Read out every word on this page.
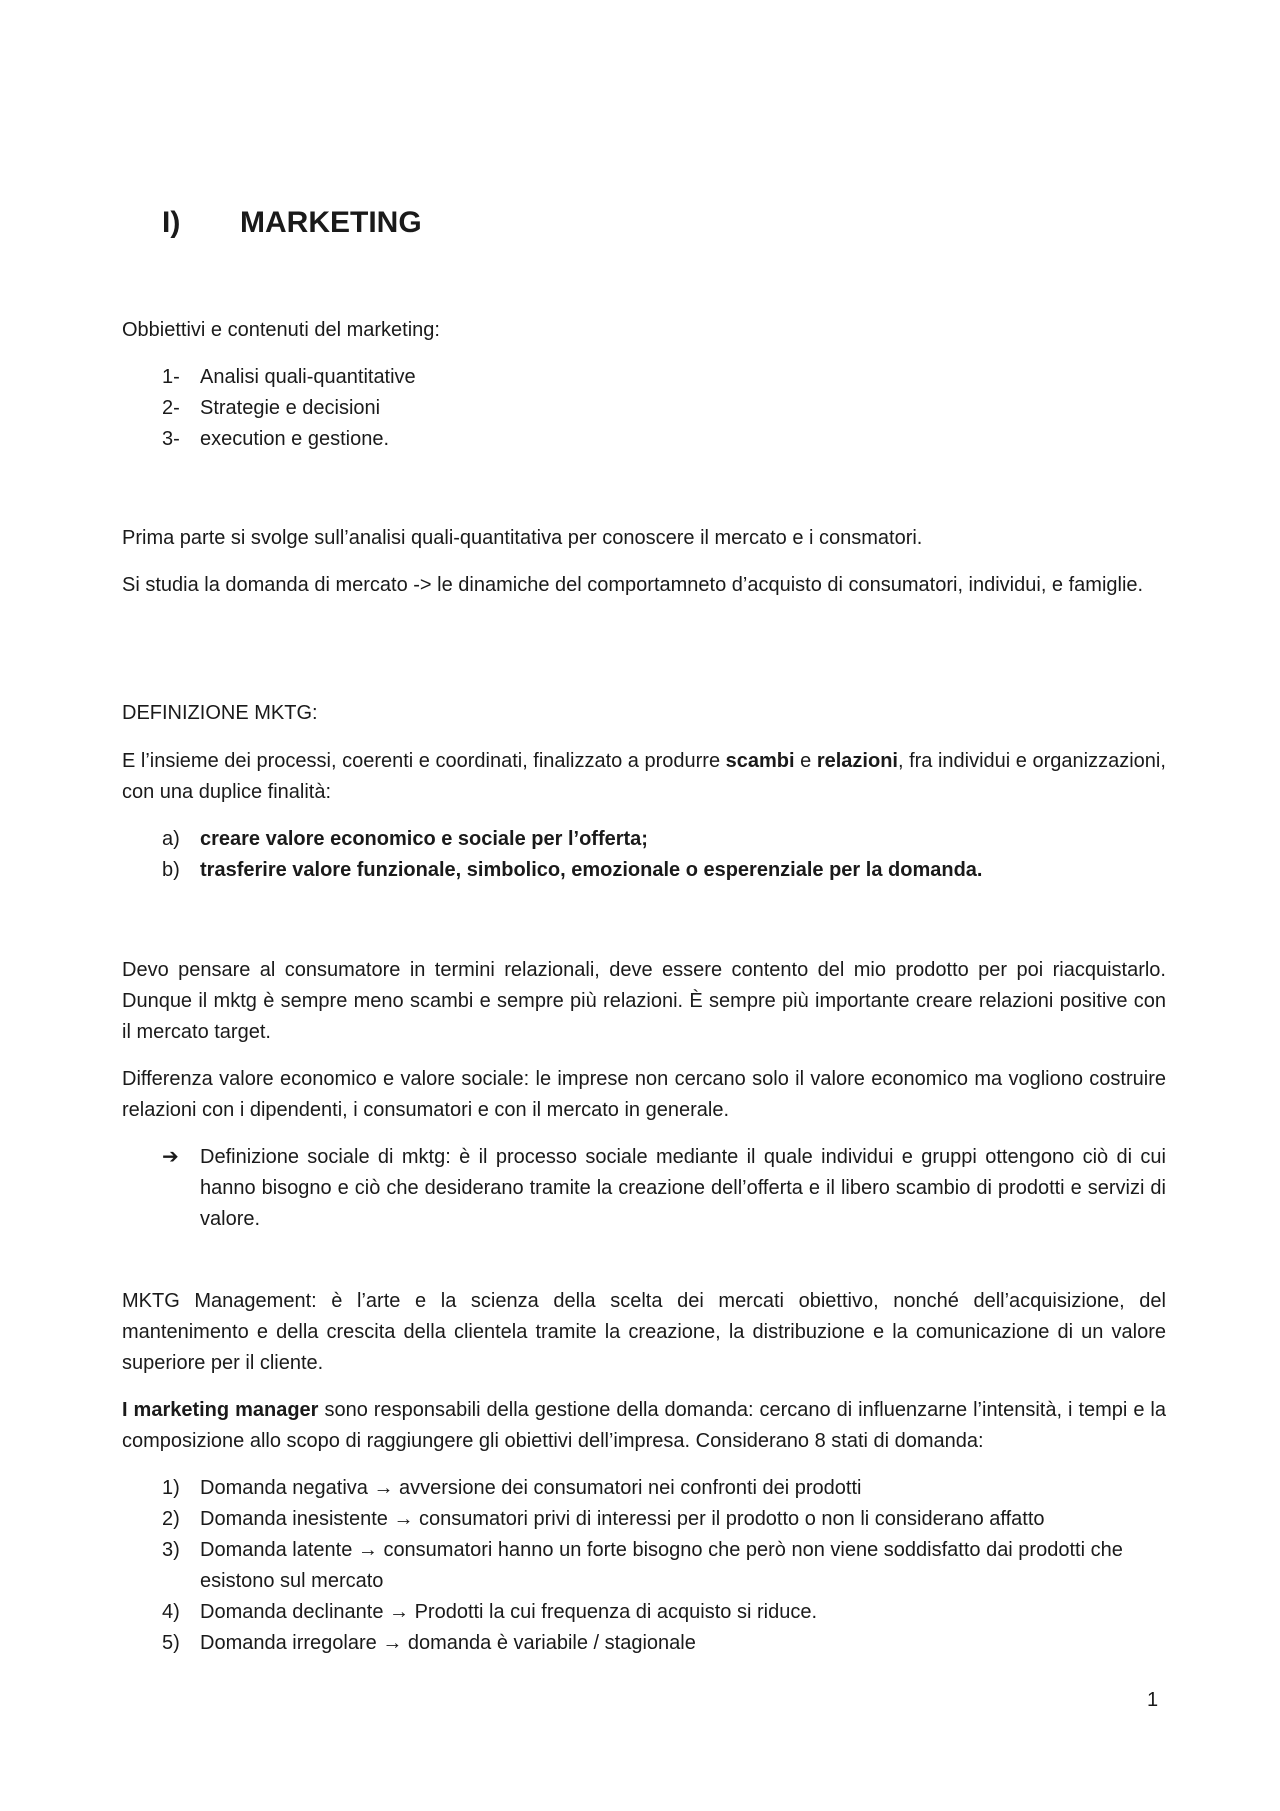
I) MARKETING

Obbiettivi e contenuti del marketing:

1- Analisi quali-quantitative
2- Strategie e decisioni
3- execution e gestione.

Prima parte si svolge sull’analisi quali-quantitativa per conoscere il mercato e i consmatori.

Si studia la domanda di mercato -> le dinamiche del comportamneto d’acquisto di consumatori, individui, e famiglie.

DEFINIZIONE MKTG:

E l’insieme dei processi, coerenti e coordinati, finalizzato a produrre scambi e relazioni, fra individui e organizzazioni, con una duplice finalità:

a) creare valore economico e sociale per l’offerta;
b) trasferire valore funzionale, simbolico, emozionale o esperenziale per la domanda.

Devo pensare al consumatore in termini relazionali, deve essere contento del mio prodotto per poi riacquistarlo. Dunque il mktg è sempre meno scambi e sempre più relazioni. È sempre più importante creare relazioni positive con il mercato target.

Differenza valore economico e valore sociale: le imprese non cercano solo il valore economico ma vogliono costruire relazioni con i dipendenti, i consumatori e con il mercato in generale.

➔ Definizione sociale di mktg: è il processo sociale mediante il quale individui e gruppi ottengono ciò di cui hanno bisogno e ciò che desiderano tramite la creazione dell’offerta e il libero scambio di prodotti e servizi di valore.

MKTG Management: è l’arte e la scienza della scelta dei mercati obiettivo, nonché dell’acquisizione, del mantenimento e della crescita della clientela tramite la creazione, la distribuzione e la comunicazione di un valore superiore per il cliente.

I marketing manager sono responsabili della gestione della domanda: cercano di influenzarne l’intensità, i tempi e la composizione allo scopo di raggiungere gli obiettivi dell’impresa. Considerano 8 stati di domanda:

1) Domanda negativa → avversione dei consumatori nei confronti dei prodotti
2) Domanda inesistente → consumatori privi di interessi per il prodotto o non li considerano affatto
3) Domanda latente → consumatori hanno un forte bisogno che però non viene soddisfatto dai prodotti che esistono sul mercato
4) Domanda declinante → Prodotti la cui frequenza di acquisto si riduce.
5) Domanda irregolare → domanda è variabile / stagionale
1
